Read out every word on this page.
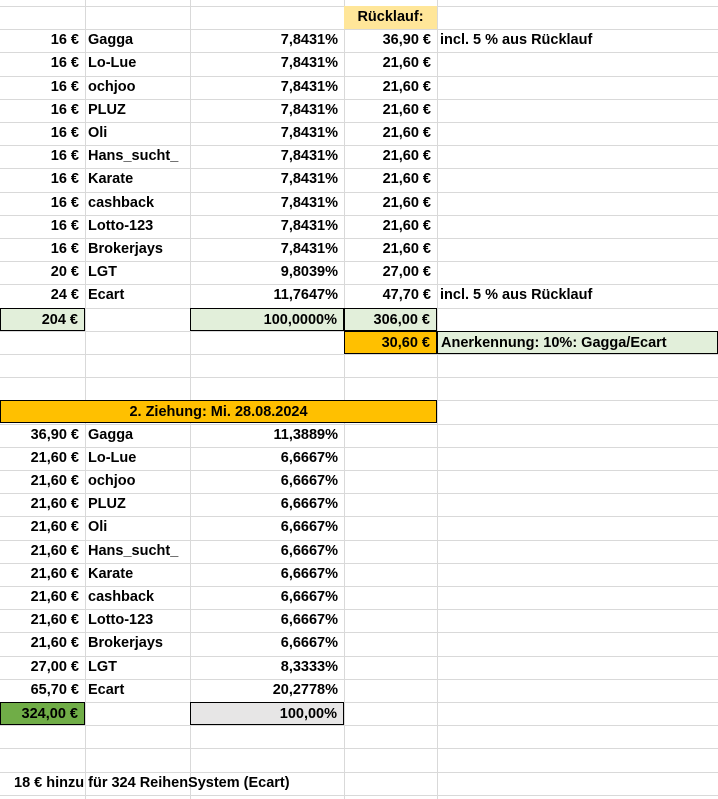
Rücklauf:
16 € Gagga	7,8431%	36,90 € incl. 5 % aus Rücklauf
16 € Lo-Lue	7,8431%	21,60 €
16 € ochjoo	7,8431%	21,60 €
16 € PLUZ	7,8431%	21,60 €
16 € Oli	7,8431%	21,60 €
16 € Hans_sucht_	7,8431%	21,60 €
16 € Karate	7,8431%	21,60 €
16 € cashback	7,8431%	21,60 €
16 € Lotto-123	7,8431%	21,60 €
16 € Brokerjays	7,8431%	21,60 €
20 € LGT	9,8039%	27,00 €
24 € Ecart	11,7647%	47,70 € incl. 5 % aus Rücklauf
204 €	100,0000%	306,00 €
30,60 € Anerkennung: 10%: Gagga/Ecart
2. Ziehung: Mi. 28.08.2024
36,90 € Gagga	11,3889%
21,60 € Lo-Lue	6,6667%
21,60 € ochjoo	6,6667%
21,60 € PLUZ	6,6667%
21,60 € Oli	6,6667%
21,60 € Hans_sucht_	6,6667%
21,60 € Karate	6,6667%
21,60 € cashback	6,6667%
21,60 € Lotto-123	6,6667%
21,60 € Brokerjays	6,6667%
27,00 € LGT	8,3333%
65,70 € Ecart	20,2778%
324,00 €	100,00%
18 € hinzu für 324 ReihenSystem (Ecart)
